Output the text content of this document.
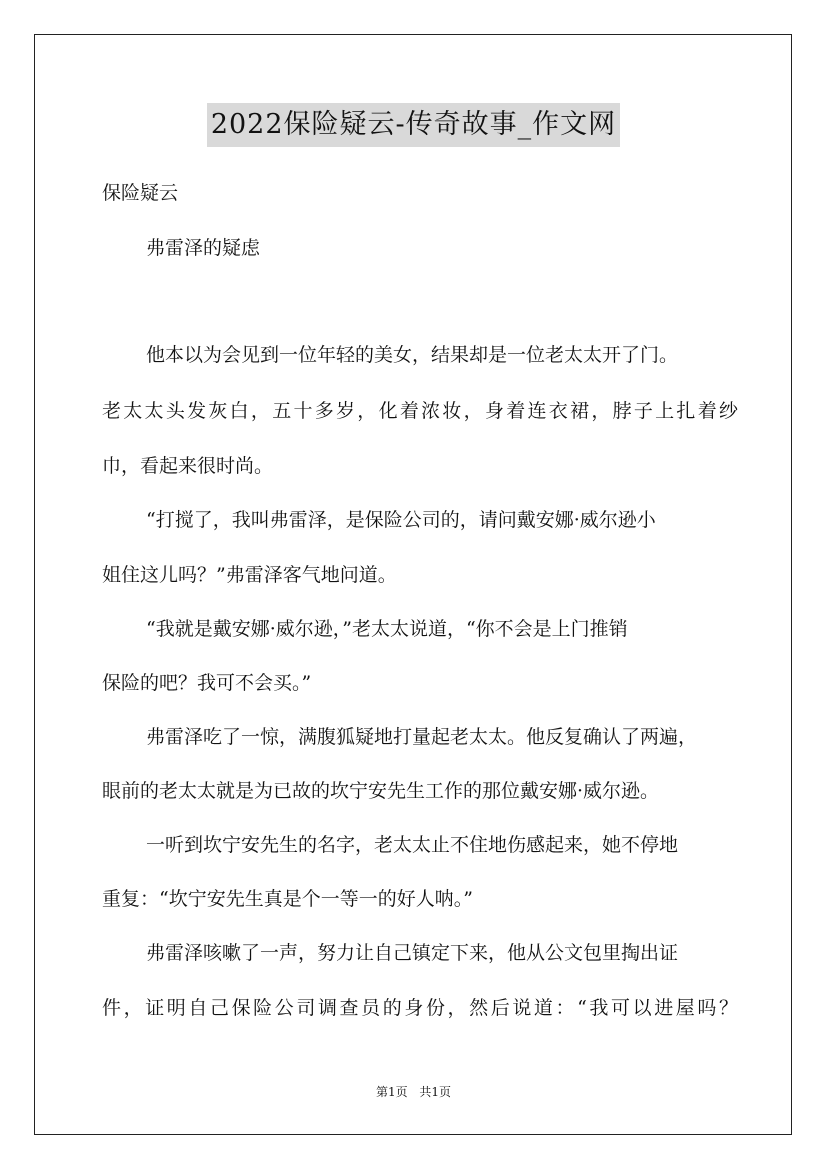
2022保险疑云-传奇故事_作文网
保险疑云
弗雷泽的疑虑
他本以为会见到一位年轻的美女，结果却是一位老太太开了门。
老太太头发灰白，五十多岁，化着浓妆，身着连衣裙，脖子上扎着纱
巾，看起来很时尚。
“打搅了，我叫弗雷泽，是保险公司的，请问戴安娜·威尔逊小
姐住这儿吗？”弗雷泽客气地问道。
“我就是戴安娜·威尔逊，”老太太说道，“你不会是上门推销
保险的吧？我可不会买。”
弗雷泽吃了一惊，满腹狐疑地打量起老太太。他反复确认了两遍，
眼前的老太太就是为已故的坎宁安先生工作的那位戴安娜·威尔逊。
一听到坎宁安先生的名字，老太太止不住地伤感起来，她不停地
重复：“坎宁安先生真是个一等一的好人呐。”
弗雷泽咳嗽了一声，努力让自己镇定下来，他从公文包里掏出证
件，证明自己保险公司调查员的身份，然后说道：“我可以进屋吗？
第1页 共1页
